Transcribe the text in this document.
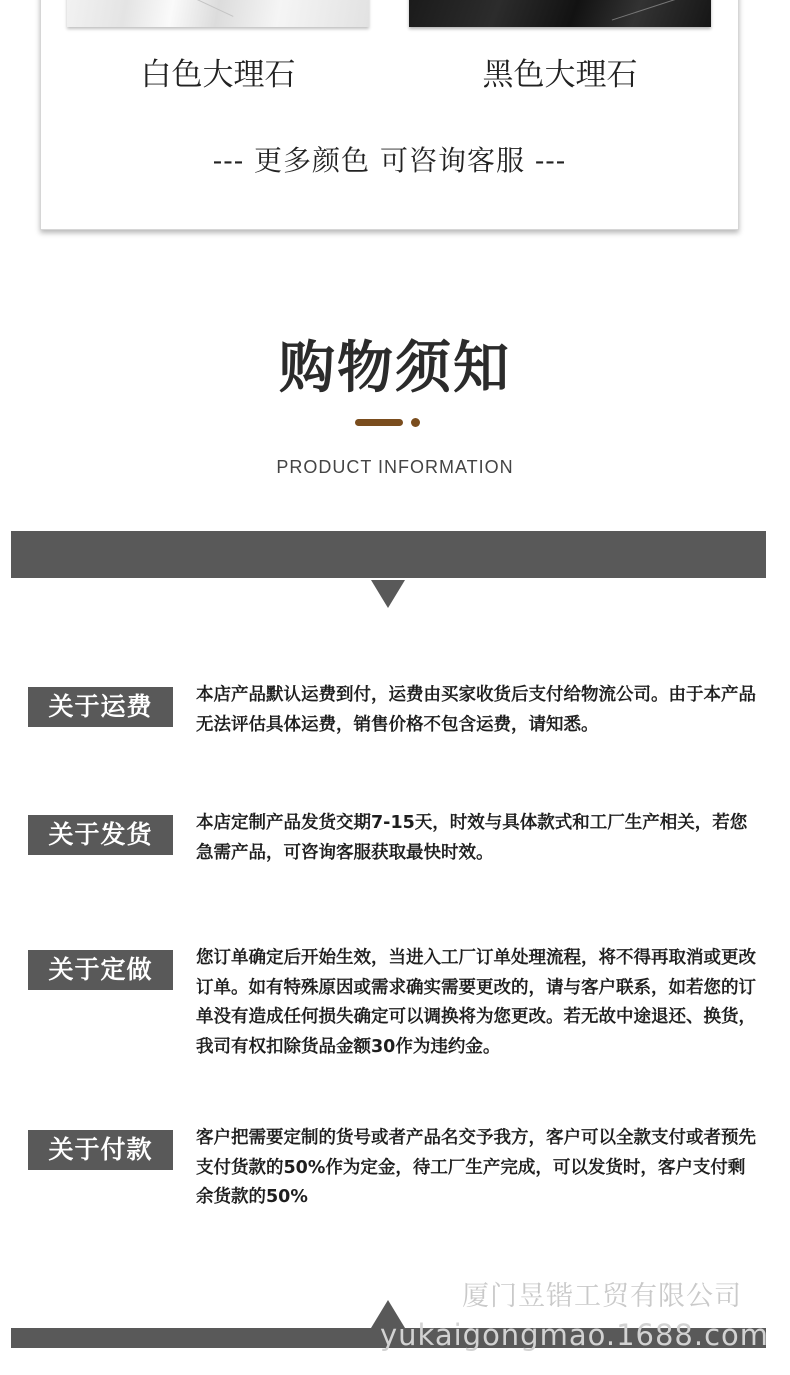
白色大理石	黑色大理石
--- 更多颜色 可咨询客服 ---
购物须知
PRODUCT INFORMATION
关于运费	本店产品默认运费到付，运费由买家收货后支付给物流公司。由于本产品无法评估具体运费，销售价格不包含运费，请知悉。
关于发货	本店定制产品发货交期7-15天，时效与具体款式和工厂生产相关，若您急需产品，可咨询客服获取最快时效。
关于定做	您订单确定后开始生效，当进入工厂订单处理流程，将不得再取消或更改订单。如有特殊原因或需求确实需要更改的，请与客户联系，如若您的订单没有造成任何损失确定可以调换将为您更改。若无故中途退还、换货，我司有权扣除货品金额30作为违约金。
关于付款	客户把需要定制的货号或者产品名交予我方，客户可以全款支付或者预先支付货款的50%作为定金，待工厂生产完成，可以发货时，客户支付剩余货款的50%
厦门昱锴工贸有限公司
yukaigongmao.1688.com
